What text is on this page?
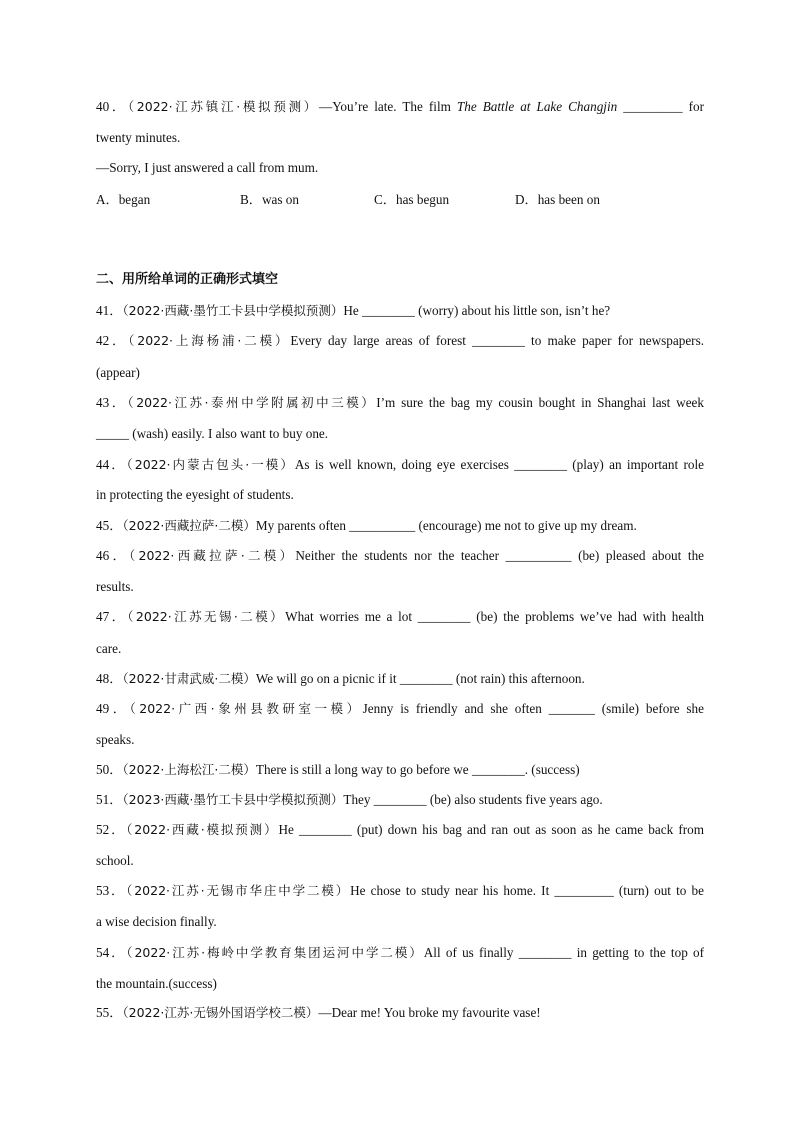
40．（2022·江苏镇江·模拟预测）—You’re late. The film The Battle at Lake Changjin _________ for
twenty minutes.
—Sorry, I just answered a call from mum.
A．began	B．was on	C．has begun	D．has been on
二、用所给单词的正确形式填空
41．（2022·西藏·墨竹工卡县中学模拟预测）He ________ (worry) about his little son, isn’t he?
42．（2022·上海杨浦·二模）Every day large areas of forest ________ to make paper for newspapers.
(appear)
43．（2022·江苏·泰州中学附属初中三模）I’m sure the bag my cousin bought in Shanghai last week
_____ (wash) easily. I also want to buy one.
44．（2022·内蒙古包头·一模）As is well known, doing eye exercises ________ (play) an important role
in protecting the eyesight of students.
45．（2022·西藏拉萨·二模）My parents often __________ (encourage) me not to give up my dream.
46．（2022·西藏拉萨·二模）Neither the students nor the teacher __________ (be) pleased about the
results.
47．（2022·江苏无锡·二模）What worries me a lot ________ (be) the problems we’ve had with health
care.
48．（2022·甘肃武威·二模）We will go on a picnic if it ________ (not rain) this afternoon.
49．（2022·广西·象州县教研室一模）Jenny is friendly and she often _______ (smile) before she
speaks.
50．（2022·上海松江·二模）There is still a long way to go before we ________. (success)
51．（2023·西藏·墨竹工卡县中学模拟预测）They ________ (be) also students five years ago.
52．（2022·西藏·模拟预测）He ________ (put) down his bag and ran out as soon as he came back from
school.
53．（2022·江苏·无锡市华庄中学二模）He chose to study near his home. It _________ (turn) out to be
a wise decision finally.
54．（2022·江苏·梅岭中学教育集团运河中学二模）All of us finally ________ in getting to the top of
the mountain.(success)
55．（2022·江苏·无锡外国语学校二模）—Dear me! You broke my favourite vase!
